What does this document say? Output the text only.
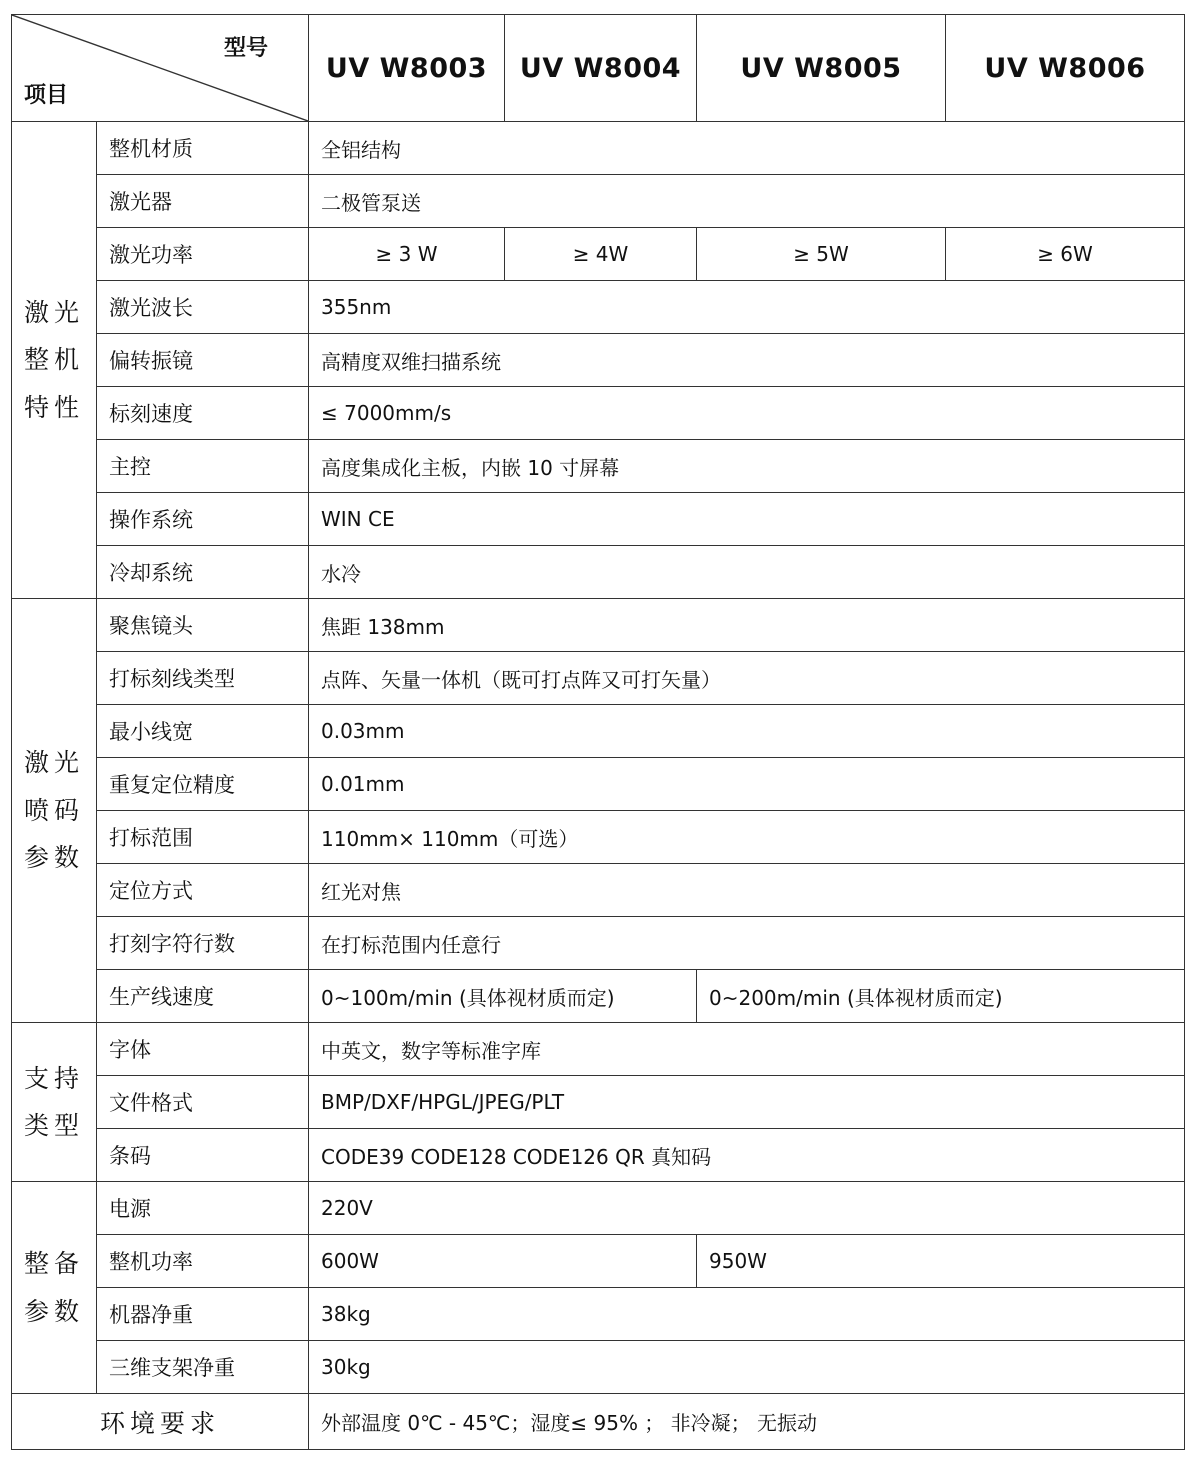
型号
项目		UV W8003	UV W8004	UV W8005	UV W8006

激光
整机
特性	整机材质	全铝结构			
	激光器	二极管泵送			
	激光功率	≥ 3 W	≥ 4W	≥ 5W	≥ 6W
	激光波长	355nm			
	偏转振镜	高精度双维扫描系统			
	标刻速度	≤ 7000mm/s			
	主控	高度集成化主板，内嵌 10 寸屏幕			
	操作系统	WIN CE			
	冷却系统	水冷			

激光
喷码
参数	聚焦镜头	焦距 138mm			
	打标刻线类型	点阵、矢量一体机（既可打点阵又可打矢量）			
	最小线宽	0.03mm			
	重复定位精度	0.01mm			
	打标范围	110mm× 110mm（可选）			
	定位方式	红光对焦			
	打刻字符行数	在打标范围内任意行			
	生产线速度	0~100m/min (具体视材质而定)		0~200m/min (具体视材质而定)	

支持
类型	字体	中英文，数字等标准字库			
	文件格式	BMP/DXF/HPGL/JPEG/PLT			
	条码	CODE39 CODE128 CODE126 QR 真知码			

整备
参数	电源	220V			
	整机功率	600W		950W	
	机器净重	38kg			
	三维支架净重	30kg			
环境要求		外部温度 0℃ - 45℃；湿度≤ 95% ； 非冷凝； 无振动			
